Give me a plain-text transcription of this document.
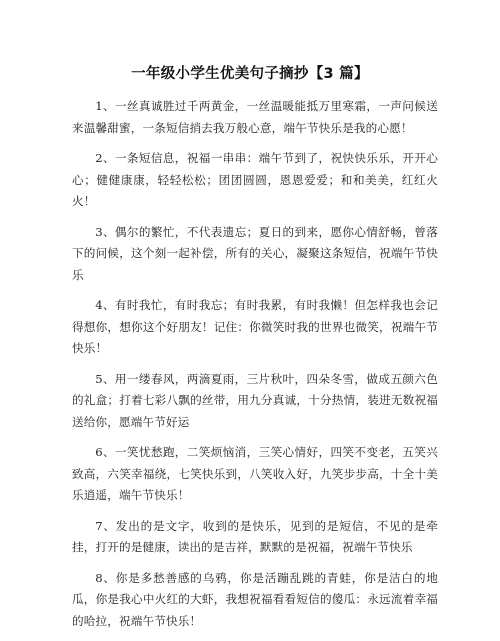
一年级小学生优美句子摘抄【3 篇】

1、一丝真诚胜过千两黄金，一丝温暖能抵万里寒霜，一声问候送来温馨甜蜜，一条短信捎去我万般心意，端午节快乐是我的心愿！

2、一条短信息，祝福一串串：端午节到了，祝快快乐乐，开开心心；健健康康，轻轻松松；团团圆圆，恩恩爱爱；和和美美，红红火火！

3、偶尔的繁忙，不代表遗忘；夏日的到来，愿你心情舒畅，曾落下的问候，这个刻一起补偿，所有的关心，凝聚这条短信，祝端午节快乐

4、有时我忙，有时我忘；有时我累，有时我懒！但怎样我也会记得想你，想你这个好朋友！记住：你微笑时我的世界也微笑，祝端午节快乐！

5、用一缕春风，两滴夏雨，三片秋叶，四朵冬雪，做成五颜六色的礼盒；打着七彩八飘的丝带，用九分真诚，十分热情，装进无数祝福送给你，愿端午节好运

6、一笑忧愁跑，二笑烦恼消，三笑心情好，四笑不变老，五笑兴致高，六笑幸福绕，七笑快乐到，八笑收入好，九笑步步高，十全十美乐逍遥，端午节快乐！

7、发出的是文字，收到的是快乐，见到的是短信，不见的是牵挂，打开的是健康，读出的是吉祥，默默的是祝福，祝端午节快乐

8、你是多愁善感的乌鸦，你是活蹦乱跳的青蛙，你是洁白的地瓜，你是我心中火红的大虾，我想祝福看看短信的傻瓜：永远流着幸福的哈拉，祝端午节快乐！
